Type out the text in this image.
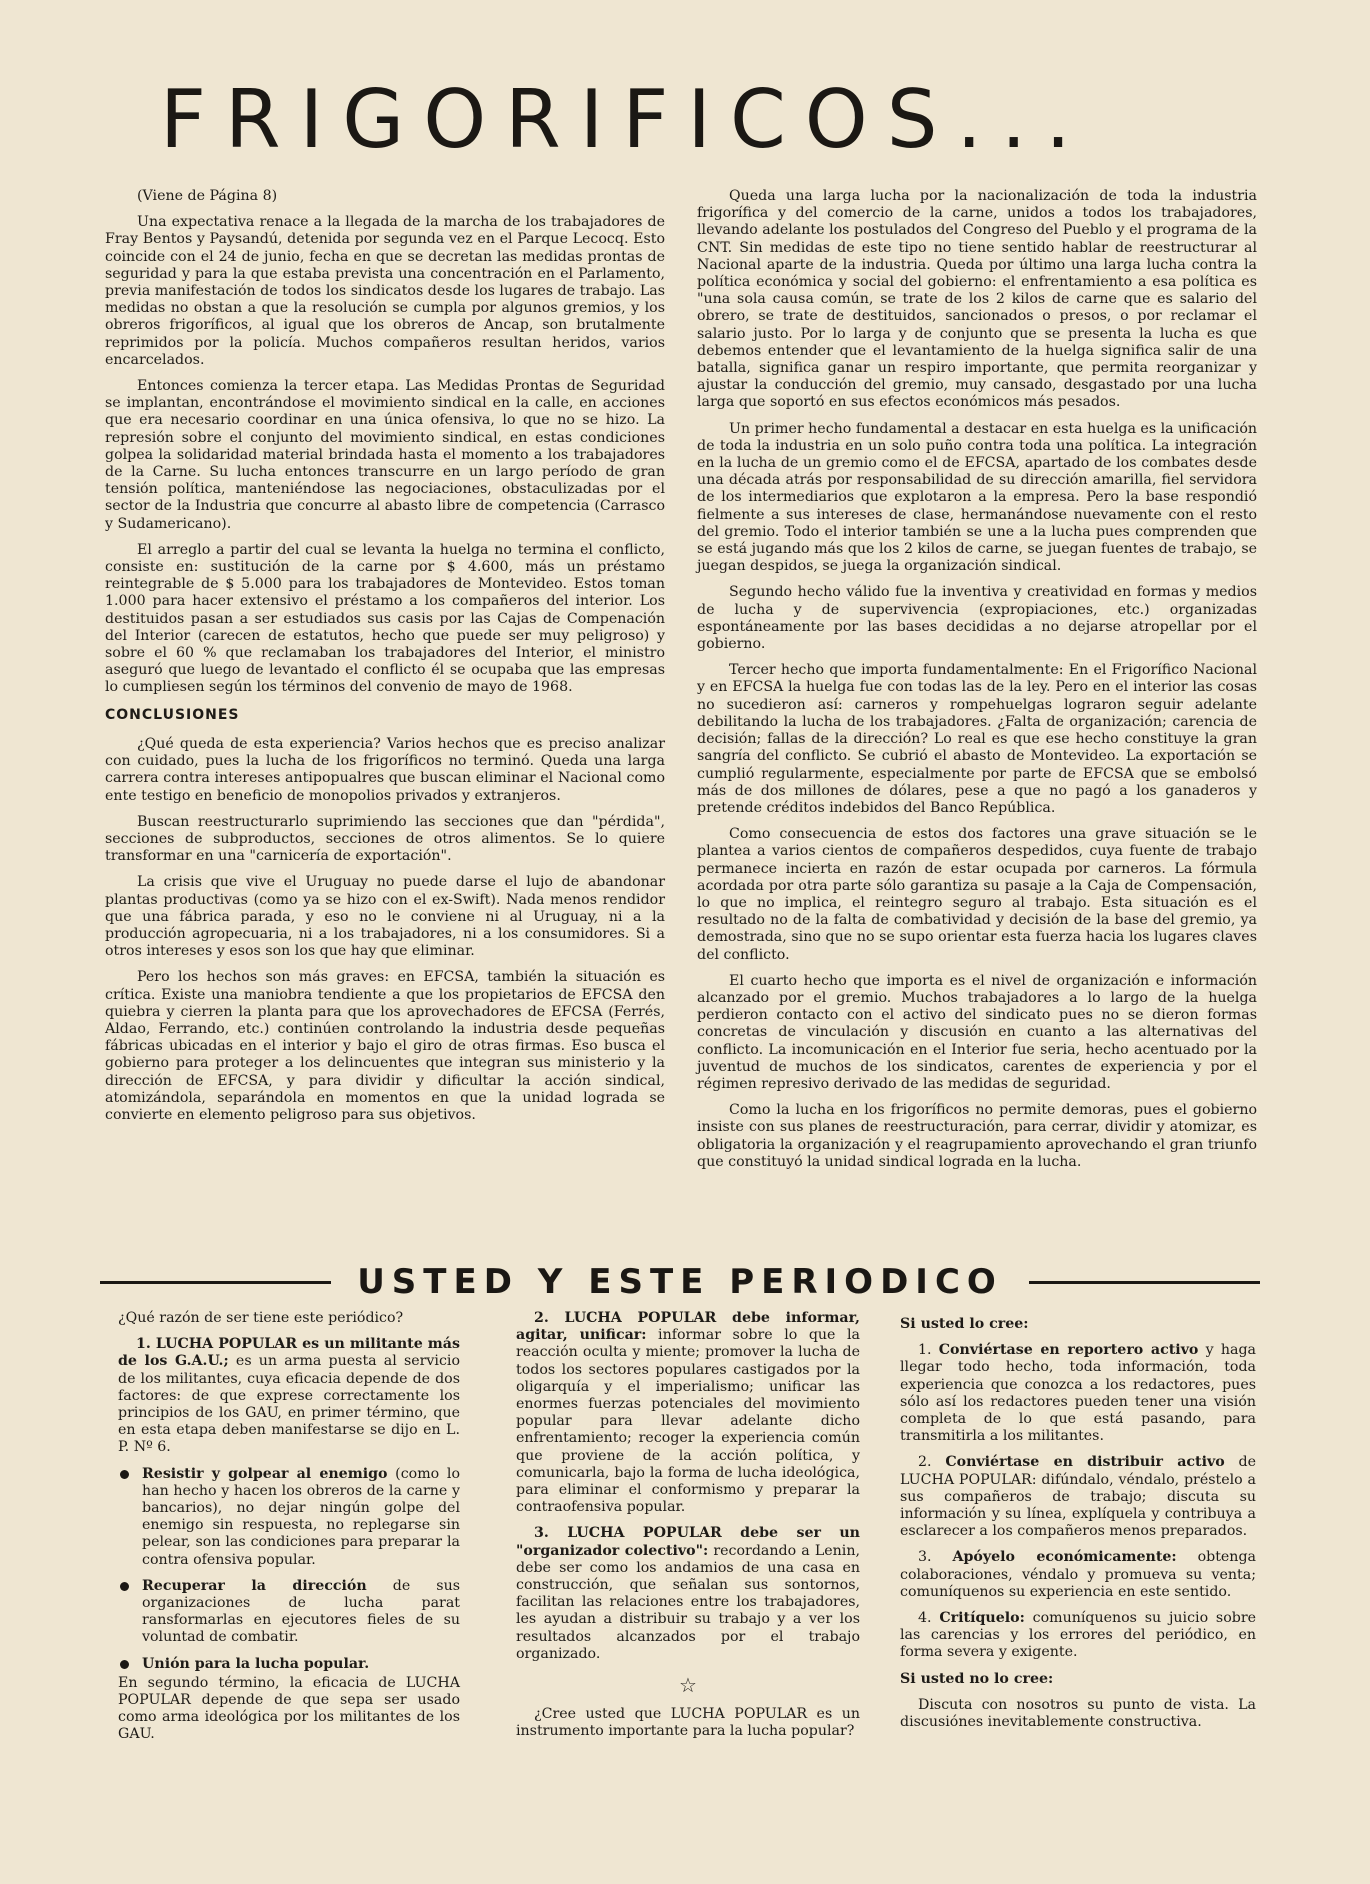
FRIGORIFICOS...

(Viene de Página 8)

Una expectativa renace a la llegada de la marcha de los trabajadores de Fray Bentos y Paysandú, detenida por segunda vez en el Parque Lecocq. Esto coincide con el 24 de junio, fecha en que se decretan las medidas prontas de seguridad y para la que estaba prevista una concentración en el Parlamento, previa manifestación de todos los sindicatos desde los lugares de trabajo. Las medidas no obstan a que la resolución se cumpla por algunos gremios, y los obreros frigoríficos, al igual que los obreros de Ancap, son brutalmente reprimidos por la policía. Muchos compañeros resultan heridos, varios encarcelados.

Entonces comienza la tercer etapa. Las Medidas Prontas de Seguridad se implantan, encontrándose el movimiento sindical en la calle, en acciones que era necesario coordinar en una única ofensiva, lo que no se hizo. La represión sobre el conjunto del movimiento sindical, en estas condiciones golpea la solidaridad material brindada hasta el momento a los trabajadores de la Carne. Su lucha entonces transcurre en un largo período de gran tensión política, manteniéndose las negociaciones, obstaculizadas por el sector de la Industria que concurre al abasto libre de competencia (Carrasco y Sudamericano).

El arreglo a partir del cual se levanta la huelga no termina el conflicto, consiste en: sustitución de la carne por $ 4.600, más un préstamo reintegrable de $ 5.000 para los trabajadores de Montevideo. Estos toman 1.000 para hacer extensivo el préstamo a los compañeros del interior. Los destituidos pasan a ser estudiados sus casis por las Cajas de Compenación del Interior (carecen de estatutos, hecho que puede ser muy peligroso) y sobre el 60 % que reclamaban los trabajadores del Interior, el ministro aseguró que luego de levantado el conflicto él se ocupaba que las empresas lo cumpliesen según los términos del convenio de mayo de 1968.

CONCLUSIONES

¿Qué queda de esta experiencia? Varios hechos que es preciso analizar con cuidado, pues la lucha de los frigoríficos no terminó. Queda una larga carrera contra intereses antipopualres que buscan eliminar el Nacional como ente testigo en beneficio de monopolios privados y extranjeros.

Buscan reestructurarlo suprimiendo las secciones que dan "pérdida", secciones de subproductos, secciones de otros alimentos. Se lo quiere transformar en una "carnicería de exportación".

La crisis que vive el Uruguay no puede darse el lujo de abandonar plantas productivas (como ya se hizo con el ex-Swift). Nada menos rendidor que una fábrica parada, y eso no le conviene ni al Uruguay, ni a la producción agropecuaria, ni a los trabajadores, ni a los consumidores. Si a otros intereses y esos son los que hay que eliminar.

Pero los hechos son más graves: en EFCSA, también la situación es crítica. Existe una maniobra tendiente a que los propietarios de EFCSA den quiebra y cierren la planta para que los aprovechadores de EFCSA (Ferrés, Aldao, Ferrando, etc.) continúen controlando la industria desde pequeñas fábricas ubicadas en el interior y bajo el giro de otras firmas. Eso busca el gobierno para proteger a los delincuentes que integran sus ministerio y la dirección de EFCSA, y para dividir y dificultar la acción sindical, atomizándola, separándola en momentos en que la unidad lograda se convierte en elemento peligroso para sus objetivos.

Queda una larga lucha por la nacionalización de toda la industria frigorífica y del comercio de la carne, unidos a todos los trabajadores, llevando adelante los postulados del Congreso del Pueblo y el programa de la CNT. Sin medidas de este tipo no tiene sentido hablar de reestructurar al Nacional aparte de la industria. Queda por último una larga lucha contra la política económica y social del gobierno: el enfrentamiento a esa política es "una sola causa común, se trate de los 2 kilos de carne que es salario del obrero, se trate de destituidos, sancionados o presos, o por reclamar el salario justo. Por lo larga y de conjunto que se presenta la lucha es que debemos entender que el levantamiento de la huelga significa salir de una batalla, significa ganar un respiro importante, que permita reorganizar y ajustar la conducción del gremio, muy cansado, desgastado por una lucha larga que soportó en sus efectos económicos más pesados.

Un primer hecho fundamental a destacar en esta huelga es la unificación de toda la industria en un solo puño contra toda una política. La integración en la lucha de un gremio como el de EFCSA, apartado de los combates desde una década atrás por responsabilidad de su dirección amarilla, fiel servidora de los intermediarios que explotaron a la empresa. Pero la base respondió fielmente a sus intereses de clase, hermanándose nuevamente con el resto del gremio. Todo el interior también se une a la lucha pues comprenden que se está jugando más que los 2 kilos de carne, se juegan fuentes de trabajo, se juegan despidos, se juega la organización sindical.

Segundo hecho válido fue la inventiva y creatividad en formas y medios de lucha y de supervivencia (expropiaciones, etc.) organizadas espontáneamente por las bases decididas a no dejarse atropellar por el gobierno.

Tercer hecho que importa fundamentalmente: En el Frigorífico Nacional y en EFCSA la huelga fue con todas las de la ley. Pero en el interior las cosas no sucedieron así: carneros y rompehuelgas lograron seguir adelante debilitando la lucha de los trabajadores. ¿Falta de organización; carencia de decisión; fallas de la dirección? Lo real es que ese hecho constituye la gran sangría del conflicto. Se cubrió el abasto de Montevideo. La exportación se cumplió regularmente, especialmente por parte de EFCSA que se embolsó más de dos millones de dólares, pese a que no pagó a los ganaderos y pretende créditos indebidos del Banco República.

Como consecuencia de estos dos factores una grave situación se le plantea a varios cientos de compañeros despedidos, cuya fuente de trabajo permanece incierta en razón de estar ocupada por carneros. La fórmula acordada por otra parte sólo garantiza su pasaje a la Caja de Compensación, lo que no implica, el reintegro seguro al trabajo. Esta situación es el resultado no de la falta de combatividad y decisión de la base del gremio, ya demostrada, sino que no se supo orientar esta fuerza hacia los lugares claves del conflicto.

El cuarto hecho que importa es el nivel de organización e información alcanzado por el gremio. Muchos trabajadores a lo largo de la huelga perdieron contacto con el activo del sindicato pues no se dieron formas concretas de vinculación y discusión en cuanto a las alternativas del conflicto. La incomunicación en el Interior fue seria, hecho acentuado por la juventud de muchos de los sindicatos, carentes de experiencia y por el régimen represivo derivado de las medidas de seguridad.

Como la lucha en los frigoríficos no permite demoras, pues el gobierno insiste con sus planes de reestructuración, para cerrar, dividir y atomizar, es obligatoria la organización y el reagrupamiento aprovechando el gran triunfo que constituyó la unidad sindical lograda en la lucha.

USTED Y ESTE PERIODICO

¿Qué razón de ser tiene este periódico?

1. LUCHA POPULAR es un militante más de los G.A.U.; es un arma puesta al servicio de los militantes, cuya eficacia depende de dos factores: de que exprese correctamente los principios de los GAU, en primer término, que en esta etapa deben manifestarse se dijo en L. P. Nº 6.

Resistir y golpear al enemigo (como lo han hecho y hacen los obreros de la carne y bancarios), no dejar ningún golpe del enemigo sin respuesta, no replegarse sin pelear, son las condiciones para preparar la contra ofensiva popular.
Recuperar la dirección de sus organizaciones de lucha parat ransformarlas en ejecutores fieles de su voluntad de combatir.
Unión para la lucha popular.

En segundo término, la eficacia de LUCHA POPULAR depende de que sepa ser usado como arma ideológica por los militantes de los GAU.

2. LUCHA POPULAR debe informar, agitar, unificar: informar sobre lo que la reacción oculta y miente; promover la lucha de todos los sectores populares castigados por la oligarquía y el imperialismo; unificar las enormes fuerzas potenciales del movimiento popular para llevar adelante dicho enfrentamiento; recoger la experiencia común que proviene de la acción política, y comunicarla, bajo la forma de lucha ideológica, para eliminar el conformismo y preparar la contraofensiva popular.

3. LUCHA POPULAR debe ser un "organizador colectivo": recordando a Lenin, debe ser como los andamios de una casa en construcción, que señalan sus sontornos, facilitan las relaciones entre los trabajadores, les ayudan a distribuir su trabajo y a ver los resultados alcanzados por el trabajo organizado.

☆

¿Cree usted que LUCHA POPULAR es un instrumento importante para la lucha popular?

Si usted lo cree:

1. Conviértase en reportero activo y haga llegar todo hecho, toda información, toda experiencia que conozca a los redactores, pues sólo así los redactores pueden tener una visión completa de lo que está pasando, para transmitirla a los militantes.

2. Conviértase en distribuir activo de LUCHA POPULAR: difúndalo, véndalo, préstelo a sus compañeros de trabajo; discuta su información y su línea, explíquela y contribuya a esclarecer a los compañeros menos preparados.

3. Apóyelo económicamente: obtenga colaboraciones, véndalo y promueva su venta; comuníquenos su experiencia en este sentido.

4. Critíquelo: comuníquenos su juicio sobre las carencias y los errores del periódico, en forma severa y exigente.

Si usted no lo cree:

Discuta con nosotros su punto de vista. La discusiónes inevitablemente constructiva.
